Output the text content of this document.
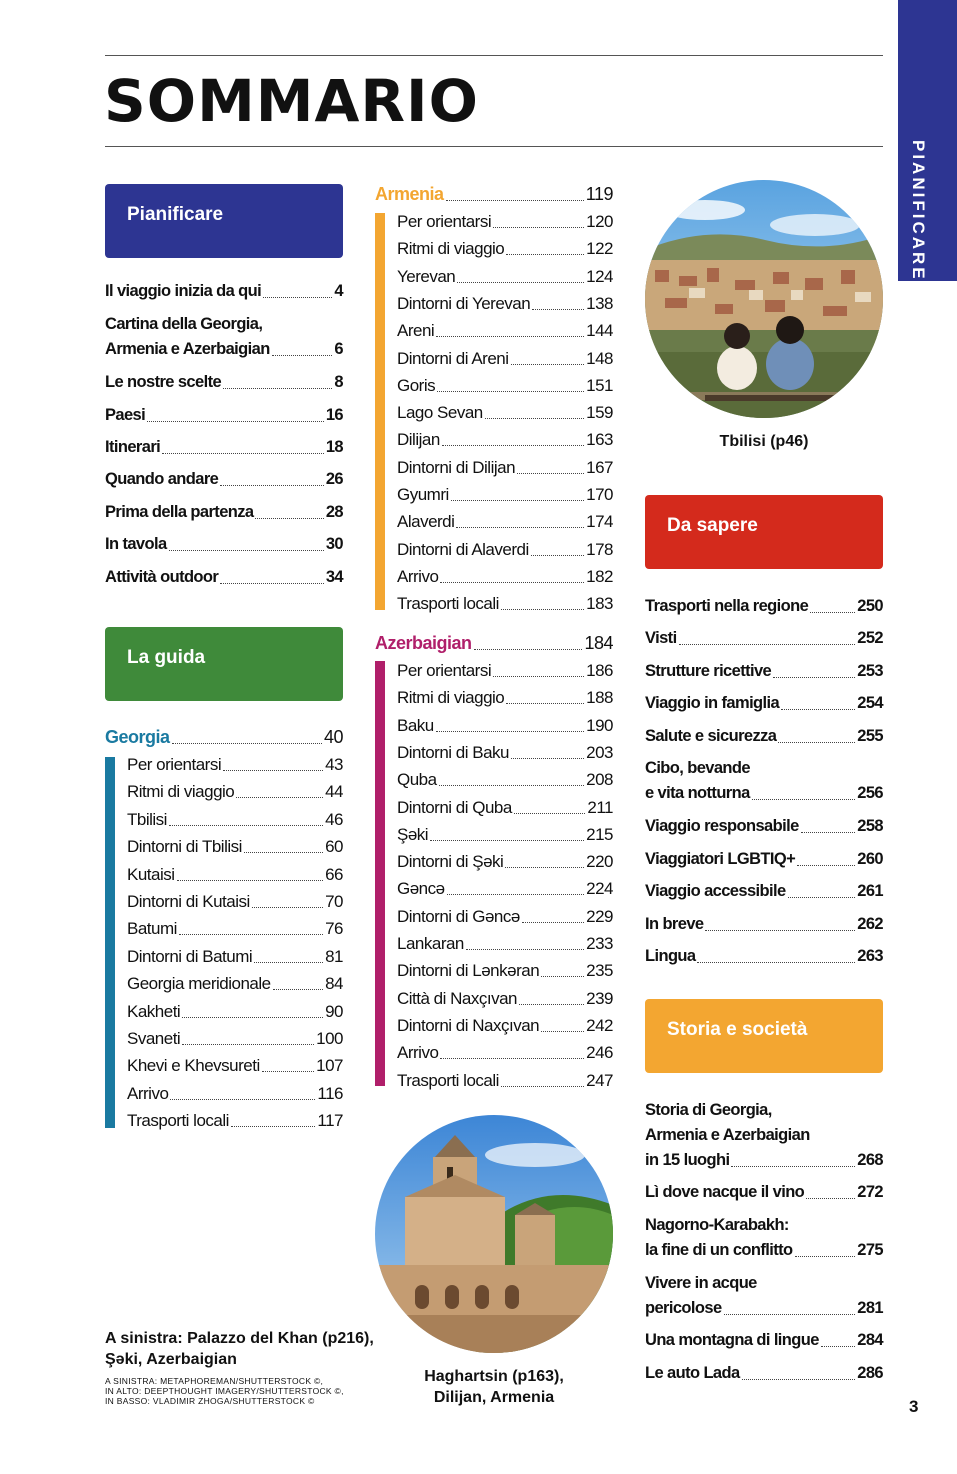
SOMMARIO
PIANIFICARE
Pianificare
Il viaggio inizia da qui	4
Cartina della Georgia,
Armenia e Azerbaigian	6
Le nostre scelte	8
Paesi	16
Itinerari	18
Quando andare	26
Prima della partenza	28
In tavola	30
Attività outdoor	34
La guida
Georgia	40
Per orientarsi	43
Ritmi di viaggio	44
Tbilisi	46
Dintorni di Tbilisi	60
Kutaisi	66
Dintorni di Kutaisi	70
Batumi	76
Dintorni di Batumi	81
Georgia meridionale	84
Kakheti	90
Svaneti	100
Khevi e Khevsureti	107
Arrivo	116
Trasporti locali	117
Armenia	119
Per orientarsi	120
Ritmi di viaggio	122
Yerevan	124
Dintorni di Yerevan	138
Areni	144
Dintorni di Areni	148
Goris	151
Lago Sevan	159
Dilijan	163
Dintorni di Dilijan	167
Gyumri	170
Alaverdi	174
Dintorni di Alaverdi	178
Arrivo	182
Trasporti locali	183
Azerbaigian	184
Per orientarsi	186
Ritmi di viaggio	188
Baku	190
Dintorni di Baku	203
Quba	208
Dintorni di Quba	211
Şəki	215
Dintorni di Şəki	220
Gəncə	224
Dintorni di Gəncə	229
Lankaran	233
Dintorni di Lənkəran	235
Città di Naxçıvan	239
Dintorni di Naxçıvan	242
Arrivo	246
Trasporti locali	247
Tbilisi (p46)
Da sapere
Trasporti nella regione	250
Visti	252
Strutture ricettive	253
Viaggio in famiglia	254
Salute e sicurezza	255
Cibo, bevande
e vita notturna	256
Viaggio responsabile	258
Viaggiatori LGBTIQ+	260
Viaggio accessibile	261
In breve	262
Lingua	263
Storia e società
Storia di Georgia,
Armenia e Azerbaigian
in 15 luoghi	268
Lì dove nacque il vino	272
Nagorno-Karabakh:
la fine di un conflitto	275
Vivere in acque
pericolose	281
Una montagna di lingue 284
Le auto Lada	286
Haghartsin (p163),
Dilijan, Armenia
A sinistra: Palazzo del Khan (p216),
Şəki, Azerbaigian
A SINISTRA: METAPHOREMAN/SHUTTERSTOCK ©,
IN ALTO: DEEPTHOUGHT IMAGERY/SHUTTERSTOCK ©,
IN BASSO: VLADIMIR ZHOGA/SHUTTERSTOCK ©	3
